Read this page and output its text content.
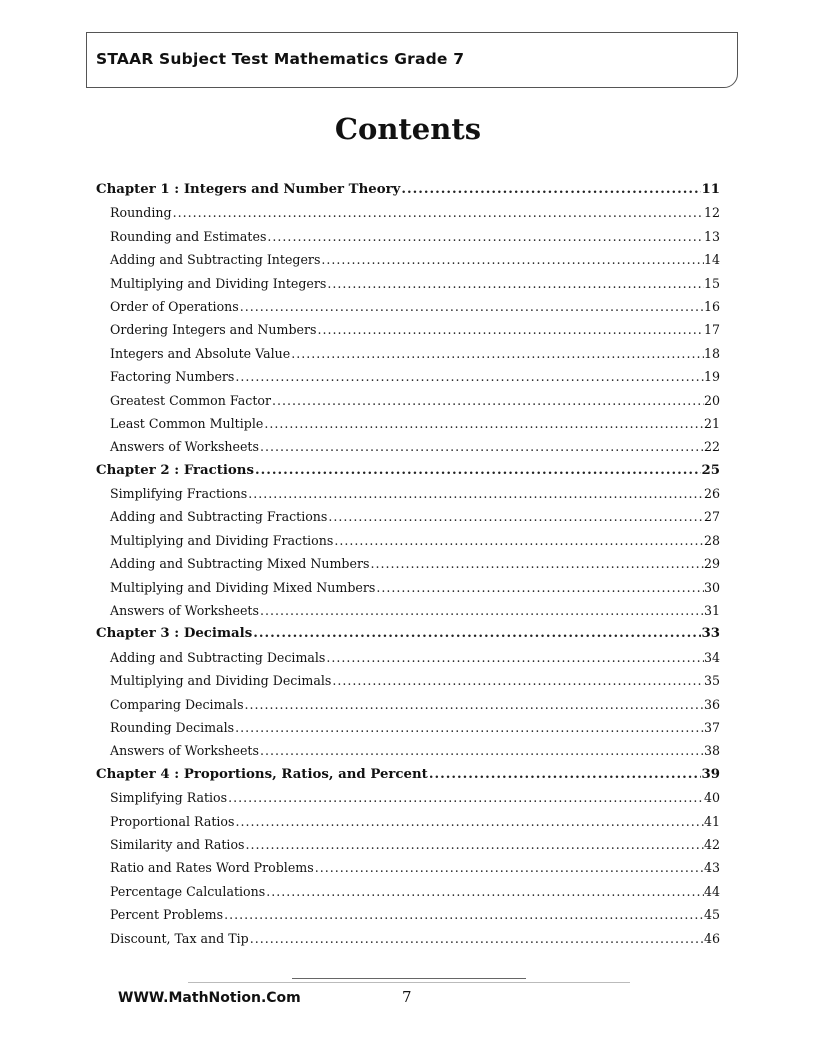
STAAR Subject Test Mathematics Grade 7
Contents
Chapter 1 : Integers and Number Theory .....	11
Rounding .....	12
Rounding and Estimates .....	13
Adding and Subtracting Integers .....	14
Multiplying and Dividing Integers .....	15
Order of Operations .....	16
Ordering Integers and Numbers .....	17
Integers and Absolute Value .....	18
Factoring Numbers .....	19
Greatest Common Factor .....	20
Least Common Multiple .....	21
Answers of Worksheets .....	22
Chapter 2 : Fractions .....	25
Simplifying Fractions .....	26
Adding and Subtracting Fractions .....	27
Multiplying and Dividing Fractions .....	28
Adding and Subtracting Mixed Numbers .....	29
Multiplying and Dividing Mixed Numbers .....	30
Answers of Worksheets .....	31
Chapter 3 : Decimals .....	33
Adding and Subtracting Decimals .....	34
Multiplying and Dividing Decimals .....	35
Comparing Decimals .....	36
Rounding Decimals .....	37
Answers of Worksheets .....	38
Chapter 4 : Proportions, Ratios, and Percent .....	39
Simplifying Ratios .....	40
Proportional Ratios .....	41
Similarity and Ratios .....	42
Ratio and Rates Word Problems .....	43
Percentage Calculations .....	44
Percent Problems .....	45
Discount, Tax and Tip .....	46
WWW.MathNotion.Com	7
